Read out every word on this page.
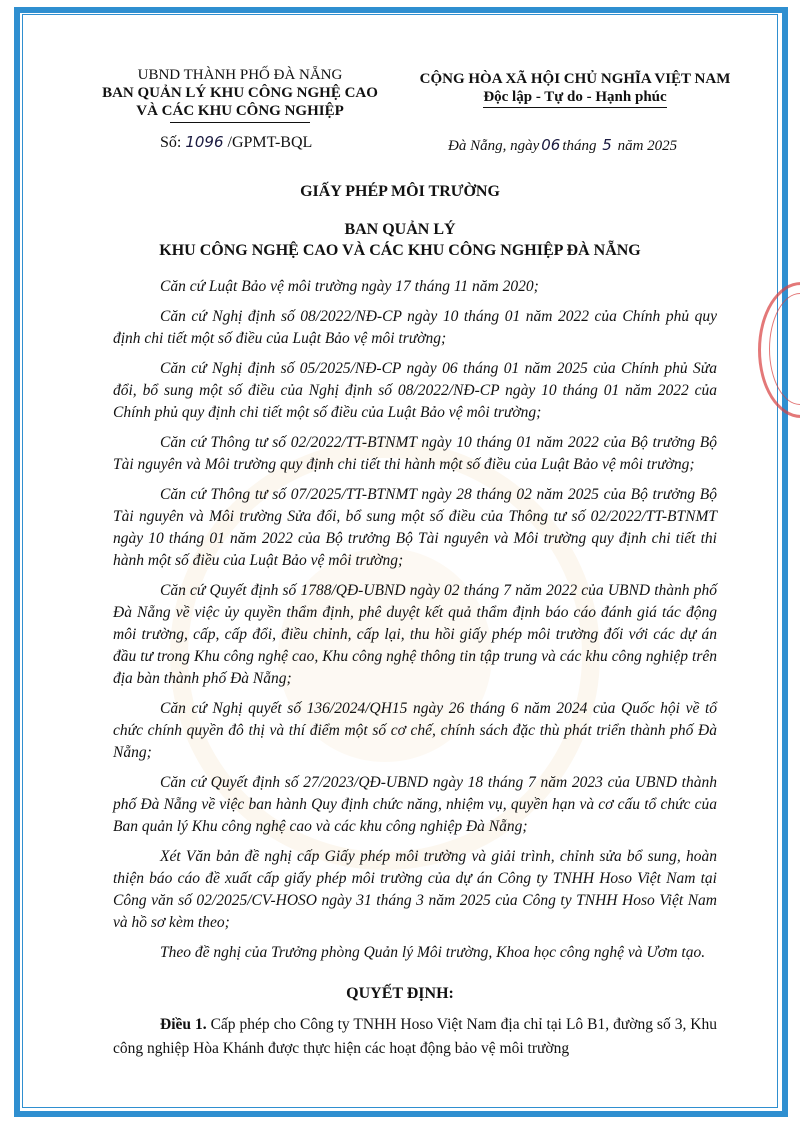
UBND THÀNH PHỐ ĐÀ NẴNG
BAN QUẢN LÝ KHU CÔNG NGHỆ CAO
VÀ CÁC KHU CÔNG NGHIỆP
CỘNG HÒA XÃ HỘI CHỦ NGHĨA VIỆT NAM
Độc lập - Tự do - Hạnh phúc
Số: 1096 /GPMT-BQL	Đà Nẵng, ngày 06 tháng 5 năm 2025
GIẤY PHÉP MÔI TRƯỜNG
BAN QUẢN LÝ
KHU CÔNG NGHỆ CAO VÀ CÁC KHU CÔNG NGHIỆP ĐÀ NẴNG

Căn cứ Luật Bảo vệ môi trường ngày 17 tháng 11 năm 2020;

Căn cứ Nghị định số 08/2022/NĐ-CP ngày 10 tháng 01 năm 2022 của Chính phủ quy định chi tiết một số điều của Luật Bảo vệ môi trường;

Căn cứ Nghị định số 05/2025/NĐ-CP ngày 06 tháng 01 năm 2025 của Chính phủ Sửa đổi, bổ sung một số điều của Nghị định số 08/2022/NĐ-CP ngày 10 tháng 01 năm 2022 của Chính phủ quy định chi tiết một số điều của Luật Bảo vệ môi trường;

Căn cứ Thông tư số 02/2022/TT-BTNMT ngày 10 tháng 01 năm 2022 của Bộ trưởng Bộ Tài nguyên và Môi trường quy định chi tiết thi hành một số điều của Luật Bảo vệ môi trường;

Căn cứ Thông tư số 07/2025/TT-BTNMT ngày 28 tháng 02 năm 2025 của Bộ trưởng Bộ Tài nguyên và Môi trường Sửa đổi, bổ sung một số điều của Thông tư số 02/2022/TT-BTNMT ngày 10 tháng 01 năm 2022 của Bộ trưởng Bộ Tài nguyên và Môi trường quy định chi tiết thi hành một số điều của Luật Bảo vệ môi trường;

Căn cứ Quyết định số 1788/QĐ-UBND ngày 02 tháng 7 năm 2022 của UBND thành phố Đà Nẵng về việc ủy quyền thẩm định, phê duyệt kết quả thẩm định báo cáo đánh giá tác động môi trường, cấp, cấp đổi, điều chỉnh, cấp lại, thu hồi giấy phép môi trường đối với các dự án đầu tư trong Khu công nghệ cao, Khu công nghệ thông tin tập trung và các khu công nghiệp trên địa bàn thành phố Đà Nẵng;

Căn cứ Nghị quyết số 136/2024/QH15 ngày 26 tháng 6 năm 2024 của Quốc hội về tổ chức chính quyền đô thị và thí điểm một số cơ chế, chính sách đặc thù phát triển thành phố Đà Nẵng;

Căn cứ Quyết định số 27/2023/QĐ-UBND ngày 18 tháng 7 năm 2023 của UBND thành phố Đà Nẵng về việc ban hành Quy định chức năng, nhiệm vụ, quyền hạn và cơ cấu tổ chức của Ban quản lý Khu công nghệ cao và các khu công nghiệp Đà Nẵng;

Xét Văn bản đề nghị cấp Giấy phép môi trường và giải trình, chỉnh sửa bổ sung, hoàn thiện báo cáo đề xuất cấp giấy phép môi trường của dự án Công ty TNHH Hoso Việt Nam tại Công văn số 02/2025/CV-HOSO ngày 31 tháng 3 năm 2025 của Công ty TNHH Hoso Việt Nam và hồ sơ kèm theo;

Theo đề nghị của Trưởng phòng Quản lý Môi trường, Khoa học công nghệ và Ươm tạo.

QUYẾT ĐỊNH:
Điều 1. Cấp phép cho Công ty TNHH Hoso Việt Nam địa chỉ tại Lô B1, đường số 3, Khu công nghiệp Hòa Khánh được thực hiện các hoạt động bảo vệ môi trường
